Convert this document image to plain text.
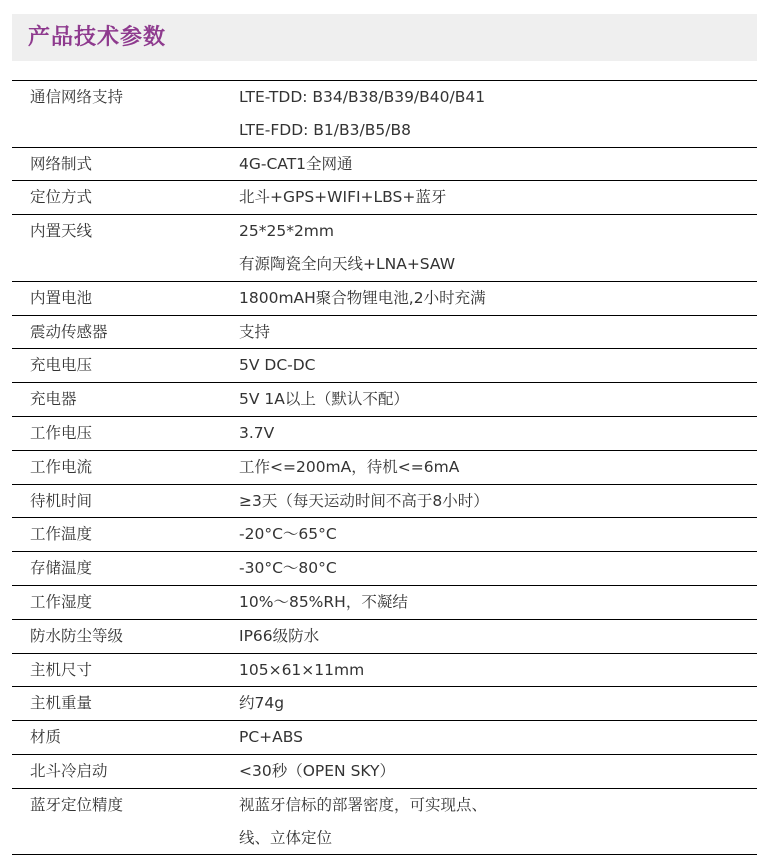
产品技术参数
通信网络支持	LTE-TDD: B34/B38/B39/B40/B41
LTE-FDD: B1/B3/B5/B8
网络制式	4G-CAT1全网通
定位方式	北斗+GPS+WIFI+LBS+蓝牙
内置天线	25*25*2mm
有源陶瓷全向天线+LNA+SAW
内置电池	1800mAH聚合物锂电池,2小时充满
震动传感器	支持
充电电压	5V DC-DC
充电器	5V 1A以上（默认不配）
工作电压	3.7V
工作电流	工作<=200mA，待机<=6mA
待机时间	≥3天（每天运动时间不高于8小时）
工作温度	-20°C～65°C
存储温度	-30°C～80°C
工作湿度	10%～85%RH，不凝结
防水防尘等级	IP66级防水
主机尺寸	105×61×11mm
主机重量	约74g
材质	PC+ABS
北斗冷启动	<30秒（OPEN SKY）
蓝牙定位精度	视蓝牙信标的部署密度，可实现点、
线、立体定位
